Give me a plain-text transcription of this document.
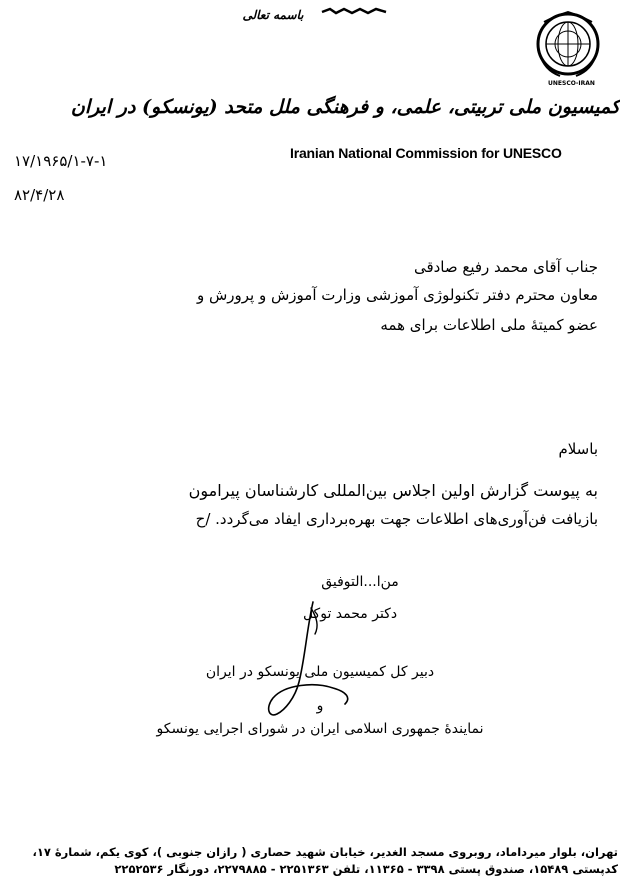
باسمه تعالی
UNESCO-IRAN
کمیسیون ملی تربیتی، علمی، و فرهنگی ملل متحد (یونسکو) در ایران
Iranian National Commission for UNESCO
۱۷/۱۹۶۵/۱-۷-۱
۸۲/۴/۲۸
جناب آقای محمد رفیع صادقی
معاون محترم دفتر تکنولوژی آموزشی وزارت آموزش و پرورش و
عضو کمیتهٔ ملی اطلاعات برای همه
باسلام
به پیوست گزارش اولین اجلاس بین‌المللی کارشناسان پیرامون
بازیافت فن‌آوری‌های اطلاعات جهت بهره‌برداری ایفاد می‌گردد. /ح
من‌ا...التوفیق
دکتر محمد توکل
دبیر کل کمیسیون ملی یونسکو در ایران
و
نمایندهٔ جمهوری اسلامی ایران در شورای اجرایی یونسکو
تهران، بلوار میرداماد، روبروی مسجد الغدیر، خیابان شهید حصاری ( رازان جنوبی )، کوی یکم، شمارهٔ ۱۷،
کدپستی ۱۵۴۸۹، صندوق پستی ۳۳۹۸ - ۱۱۳۶۵، تلفن ۲۲۵۱۳۶۳ - ۲۲۷۹۸۸۵، دورنگار ۲۲۵۲۵۳۶
